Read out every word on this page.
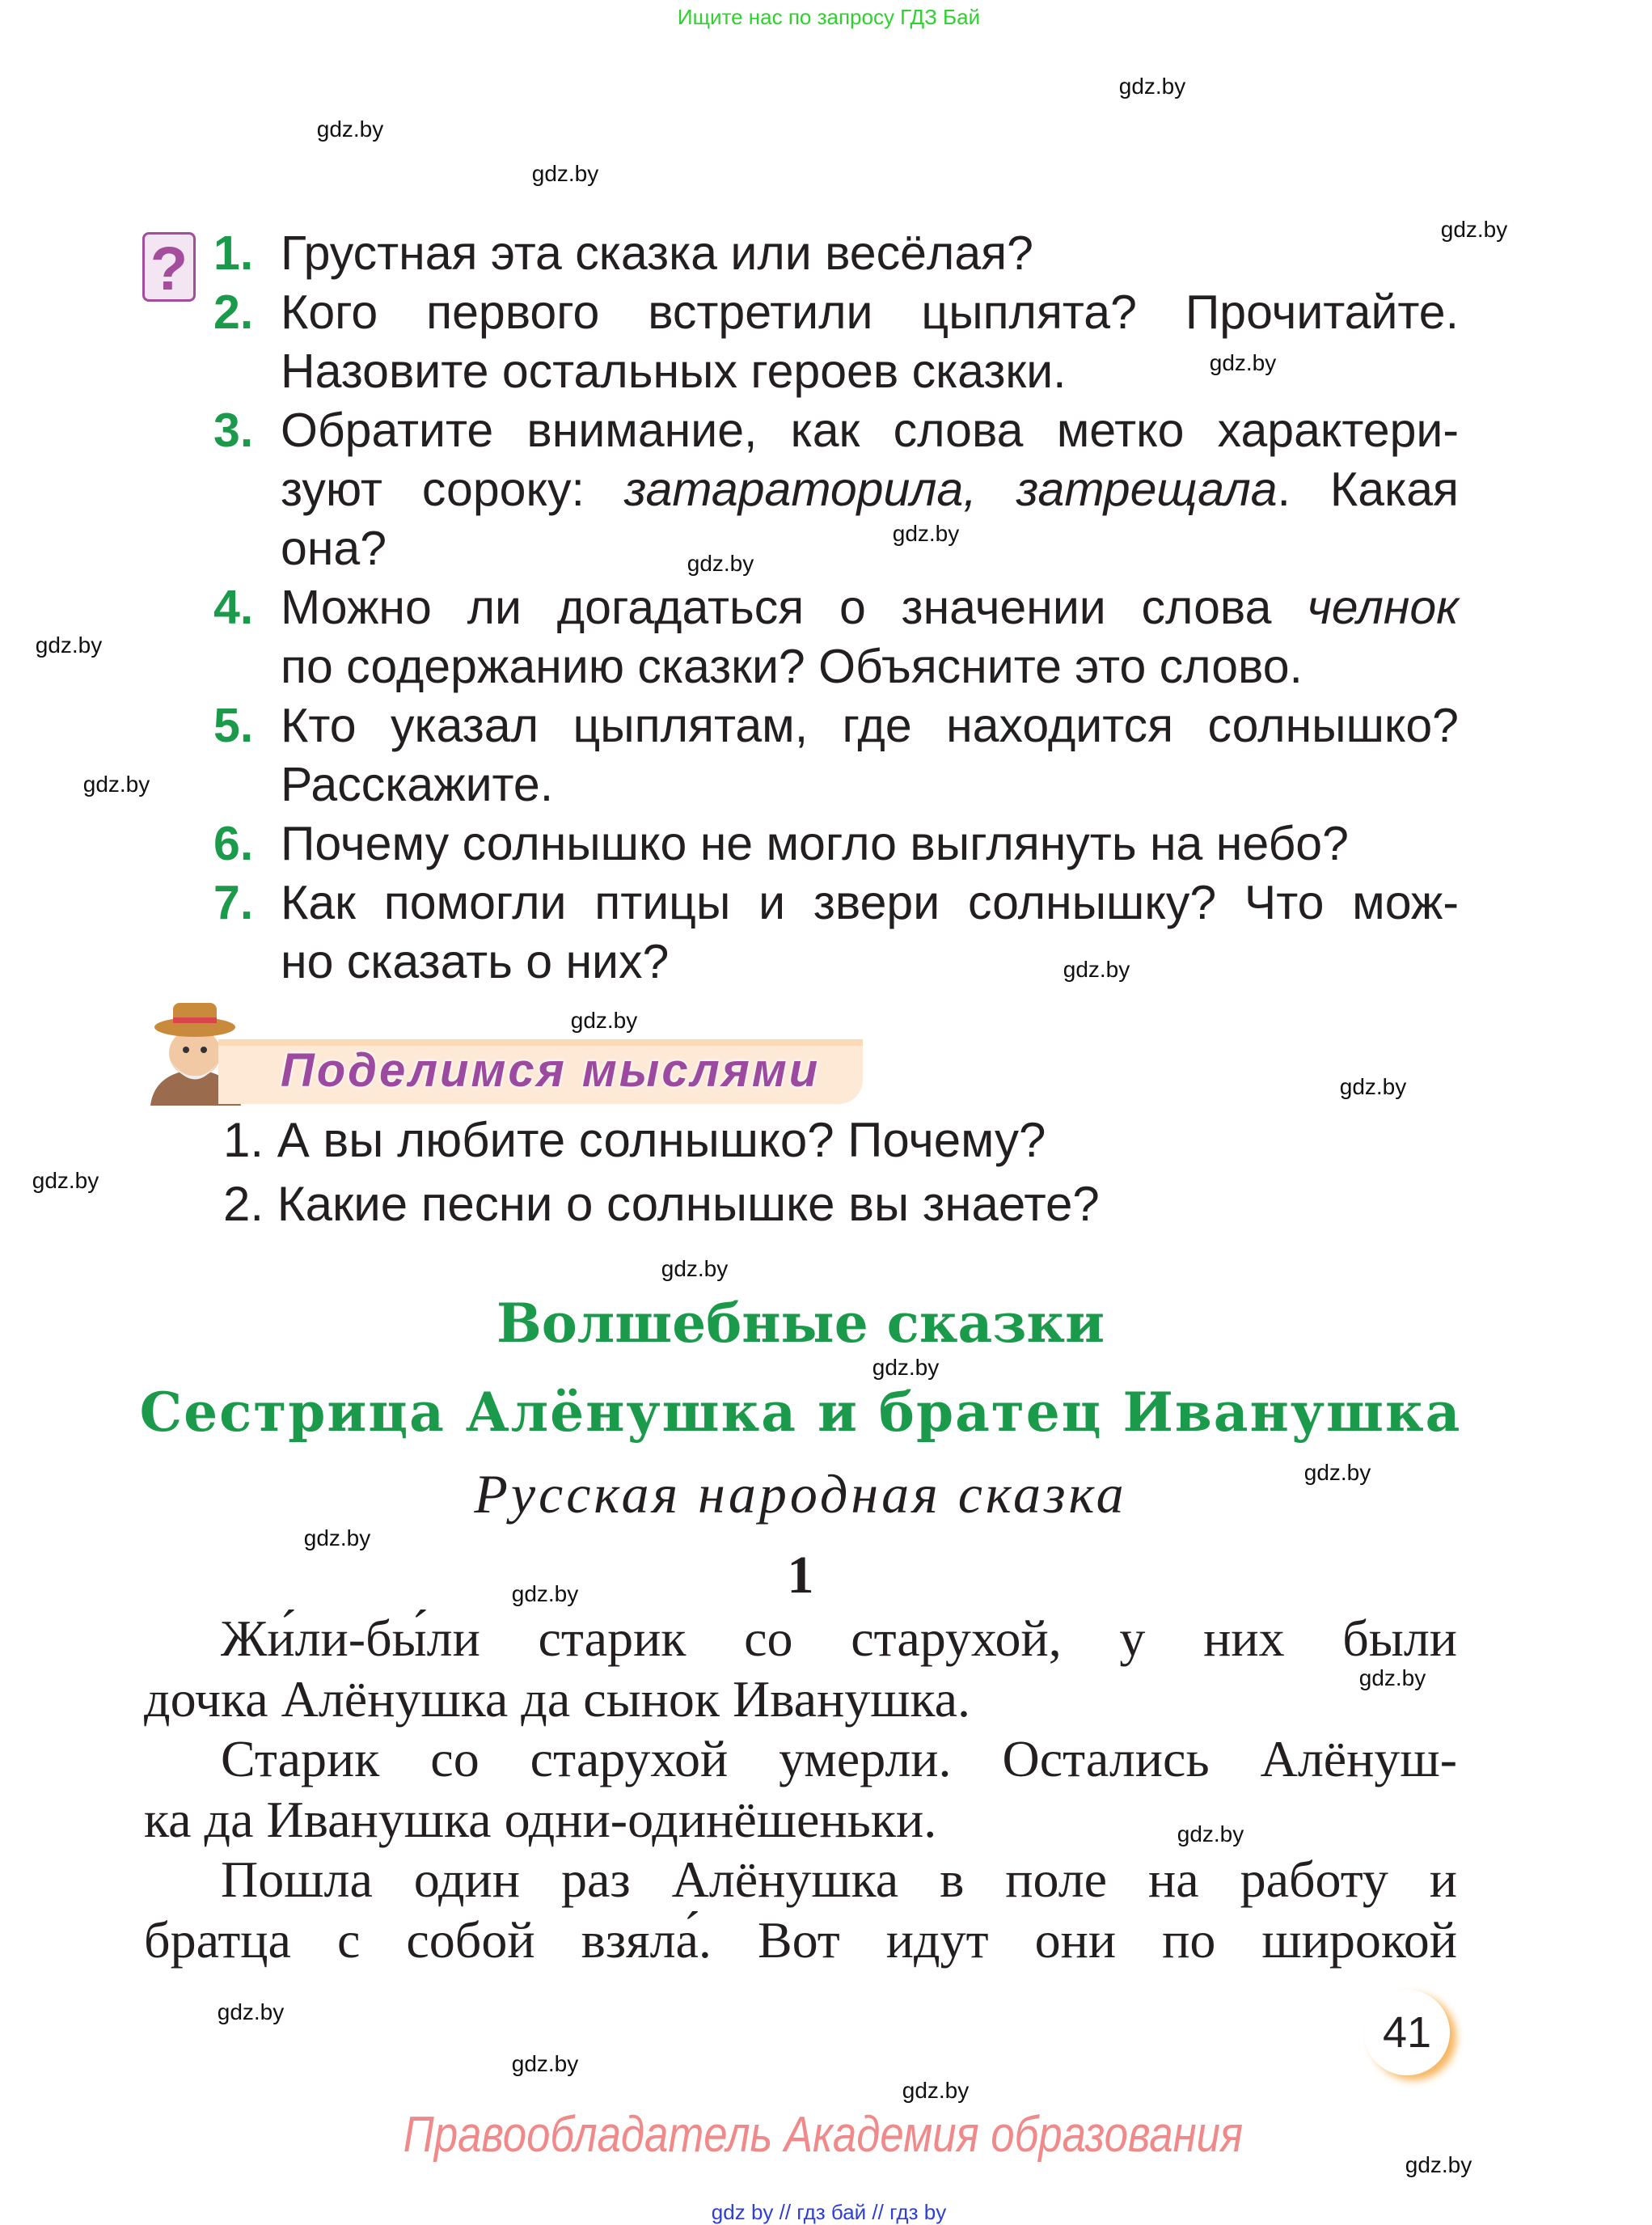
Ищите нас по запросу ГДЗ Бай
? 1. Грустная эта сказка или весёлая?
2. Кого первого встретили цыплята? Прочитайте.
Назовите остальных героев сказки.
3. Обратите внимание, как слова метко характери-
зуют сороку: затараторила, затрещала. Какая
она?
4. Можно ли догадаться о значении слова челнок
по содержанию сказки? Объясните это слово.
5. Кто указал цыплятам, где находится солнышко?
Расскажите.
6. Почему солнышко не могло выглянуть на небо?
7. Как помогли птицы и звери солнышку? Что мож-
но сказать о них?
Поделимся мыслями
1. А вы любите солнышко? Почему?
2. Какие песни о солнышке вы знаете?
Волшебные сказки
Сестрица Алёнушка и братец Иванушка
Русская народная сказка
1
Жи́ли-бы́ли старик со старухой, у них были
дочка Алёнушка да сынок Иванушка.
Старик со старухой умерли. Остались Алёнуш-
ка да Иванушка одни-одинёшеньки.
Пошла один раз Алёнушка в поле на работу и
братца с собой взяла́. Вот идут они по широкой
41
Правообладатель Академия образования
gdz by // гдз бай // гдз by
gdz.by
gdz.by
gdz.by
gdz.by
gdz.by
gdz.by
gdz.by
gdz.by
gdz.by
gdz.by
gdz.by
gdz.by
gdz.by
gdz.by
gdz.by
gdz.by
gdz.by
gdz.by
gdz.by
gdz.by
gdz.by
gdz.by
gdz.by
gdz.by
